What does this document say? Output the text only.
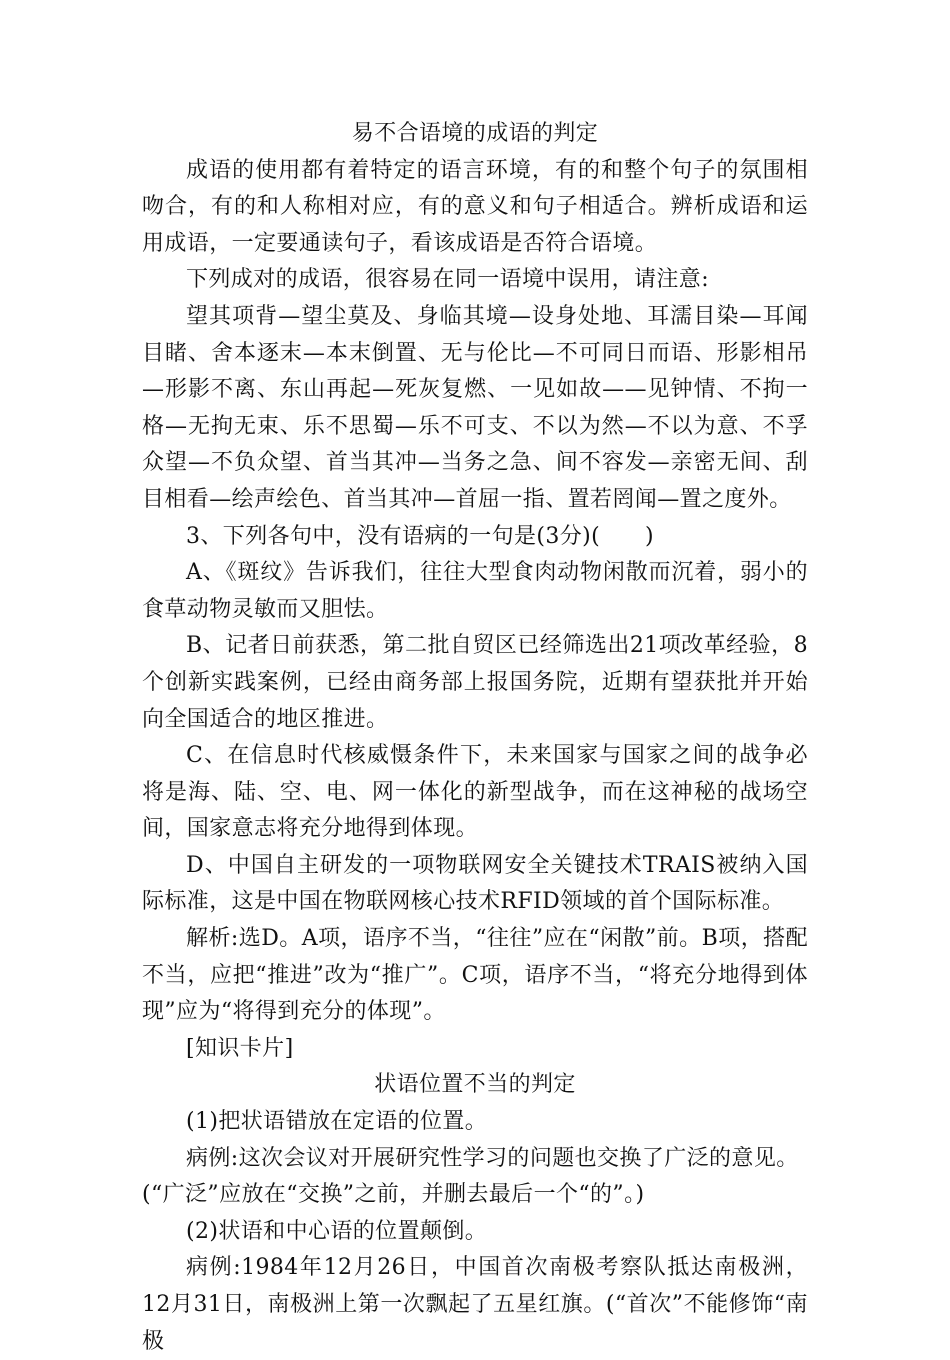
易不合语境的成语的判定

成语的使用都有着特定的语言环境，有的和整个句子的氛围相吻合，有的和人称相对应，有的意义和句子相适合。辨析成语和运用成语，一定要通读句子，看该成语是否符合语境。

下列成对的成语，很容易在同一语境中误用，请注意:

望其项背—望尘莫及、身临其境—设身处地、耳濡目染—耳闻目睹、舍本逐末—本末倒置、无与伦比—不可同日而语、形影相吊—形影不离、东山再起—死灰复燃、一见如故——见钟情、不拘一格—无拘无束、乐不思蜀—乐不可支、不以为然—不以为意、不孚众望—不负众望、首当其冲—当务之急、间不容发—亲密无间、刮目相看—绘声绘色、首当其冲—首屈一指、置若罔闻—置之度外。

3、下列各句中，没有语病的一句是(3分)(　　)

A、《斑纹》告诉我们，往往大型食肉动物闲散而沉着，弱小的食草动物灵敏而又胆怯。

B、记者日前获悉，第二批自贸区已经筛选出21项改革经验，8个创新实践案例，已经由商务部上报国务院，近期有望获批并开始向全国适合的地区推进。

C、在信息时代核威慑条件下，未来国家与国家之间的战争必将是海、陆、空、电、网一体化的新型战争，而在这神秘的战场空间，国家意志将充分地得到体现。

D、中国自主研发的一项物联网安全关键技术TRAIS被纳入国际标准，这是中国在物联网核心技术RFID领域的首个国际标准。

解析:选D。A项，语序不当，“往往”应在“闲散”前。B项，搭配不当，应把“推进”改为“推广”。C项，语序不当，“将充分地得到体现”应为“将得到充分的体现”。

[知识卡片]

状语位置不当的判定

(1)把状语错放在定语的位置。

病例:这次会议对开展研究性学习的问题也交换了广泛的意见。

(“广泛”应放在“交换”之前，并删去最后一个“的”。)

(2)状语和中心语的位置颠倒。

病例:1984年12月26日，中国首次南极考察队抵达南极洲，12月31日，南极洲上第一次飘起了五星红旗。(“首次”不能修饰“南极
